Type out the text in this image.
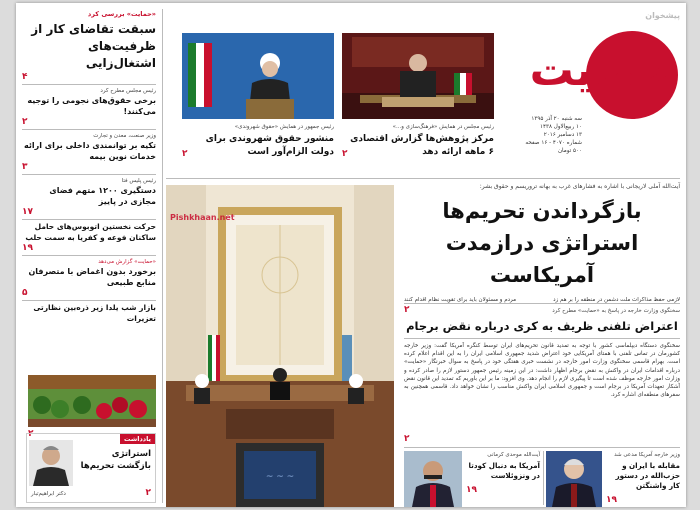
حمایت
سه شنبه ۲۰ آذر ۱۳۹۵
۱۰ ربیع‌الاول ۱۴۳۸
۱۳ دسامبر ۲۰۱۶
شماره ۴۰۷۰ - ۱۶ صفحه
۵۰۰ تومان
پیشخوان
رئیس مجلس در همایش «فرهنگ‌سازی و...»
مرکز پژوهش‌ها گزارش اقتصادی ۶ ماهه ارائه دهد
۲
رئیس جمهور در همایش «حقوق شهروندی»
منشور حقوق شهروندی برای دولت الزام‌آور است
۲
آیت‌الله آملی لاریجانی با اشاره به فشارهای غرب به بهانه تروریسم و حقوق بشر:
بازگرداندن تحریم‌ها
استراتژی درازمدت آمریکاست
لازمی حفظ مذاکرات ملت دشمن در منطقه را بر هم زد
مردم و مسئولان باید برای تقویت نظام اقدام کنند
۲
~ ~ ~
Pishkhaan.net
سخنگوی وزارت خارجه در پاسخ به «حمایت» مطرح کرد
اعتراض تلفنی ظریف به کری درباره نقض برجام
سخنگوی دستگاه دیپلماسی کشور با توجه به تمدید قانون تحریم‌های ایران توسط کنگره آمریکا گفت: وزیر خارجه کشورمان در تماس تلفنی با همتای آمریکایی خود اعتراض شدید جمهوری اسلامی ایران را به این اقدام اعلام کرده است. بهرام قاسمی سخنگوی وزارت امور خارجه در نشست خبری هفتگی خود در پاسخ به سوال خبرنگار «حمایت» درباره اقدامات ایران در واکنش به نقض برجام اظهار داشت: در این زمینه رئیس جمهور دستور لازم را صادر کرده و وزارت امور خارجه موظف شده است تا پیگیری لازم را انجام دهد. وی افزود: ما بر این باوریم که تمدید این قانون نقض آشکار تعهدات آمریکا در برجام است و جمهوری اسلامی ایران واکنش مناسب را نشان خواهد داد. قاسمی همچنین به سفرهای منطقه‌ای اشاره کرد.
۲
آیت‌الله موحدی کرمانی
آمریکا به دنبال کودتا در ونزوئلاست
۱۹
وزیر خارجه آمریکا مدعی شد
مقابله با ایران و حزب‌الله در دستور کار واشنگتن
۱۹
«حمایت» بررسی کرد
سبقت تقاضای کار از ظرفیت‌های اشتغال‌زایی
۴
رئیس مجلس مطرح کرد
برخی حقوق‌های نجومی را توجیه می‌کنند!
۲
وزیر صنعت، معدن و تجارت
تکیه بر توانمندی داخلی برای ارائه خدمات نوین بیمه
۳
رئیس پلیس فتا
دستگیری ۱۲۰۰ متهم فضای مجازی در پاییز
۱۷
حرکت نخستین اتوبوس‌های حامل ساکنان فوعه و کفریا به سمت حلب
۱۹
«حمایت» گزارش می‌دهد
برخورد بدون اغماض با متصرفان منابع طبیعی
۵
بازار شب یلدا زیر ذره‌بین نظارتی تعزیرات
۲	یادداشت
استراتژی بازگشت تحریم‌ها
دکتر ابراهیم‌تبار	۲
